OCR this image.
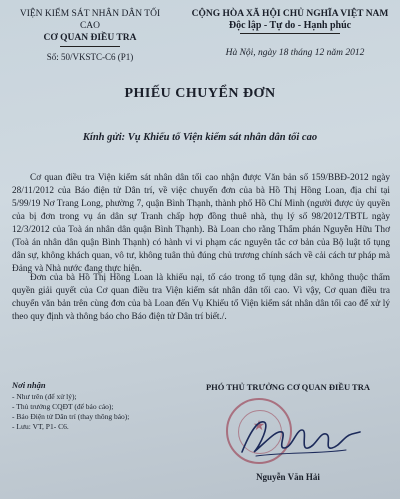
VIỆN KIỂM SÁT NHÂN DÂN TỐI CAO
CƠ QUAN ĐIỀU TRA
Số: 50/VKSTC-C6 (P1)
CỘNG HÒA XÃ HỘI CHỦ NGHĨA VIỆT NAM
Độc lập - Tự do - Hạnh phúc
Hà Nội, ngày 18 tháng 12 năm 2012
PHIẾU CHUYỂN ĐƠN
Kính gửi: Vụ Khiếu tố Viện kiểm sát nhân dân tối cao
Cơ quan điều tra Viện kiểm sát nhân dân tối cao nhận được Văn bản số 159/BBĐ-2012 ngày 28/11/2012 của Báo điện tử Dân trí, về việc chuyển đơn của bà Hồ Thị Hồng Loan, địa chỉ tại 5/99/19 Nơ Trang Long, phường 7, quận Bình Thạnh, thành phố Hồ Chí Minh (người được ủy quyền của bị đơn trong vụ án dân sự Tranh chấp hợp đồng thuê nhà, thụ lý số 98/2012/TBTL ngày 12/3/2012 của Toà án nhân dân quận Bình Thạnh). Bà Loan cho rằng Thẩm phán Nguyễn Hữu Thơ (Toà án nhân dân quận Bình Thạnh) có hành vi vi phạm các nguyên tắc cơ bản của Bộ luật tố tụng dân sự, không khách quan, vô tư, không tuân thủ đúng chủ trương chính sách về cải cách tư pháp mà Đảng và Nhà nước đang thực hiện.
Đơn của bà Hồ Thị Hồng Loan là khiếu nại, tố cáo trong tố tụng dân sự, không thuộc thẩm quyền giải quyết của Cơ quan điều tra Viện kiểm sát nhân dân tối cao. Vì vậy, Cơ quan điều tra chuyển văn bản trên cùng đơn của bà Loan đến Vụ Khiếu tố Viện kiểm sát nhân dân tối cao để xử lý theo quy định và thông báo cho Báo điện tử Dân trí biết./.
Nơi nhận
- Như trên (để xử lý);
- Thủ trưởng CQĐT (để báo cáo);
- Báo Điện tử Dân trí (thay thông báo);
- Lưu: VT, P1- C6.
PHÓ THỦ TRƯỞNG CƠ QUAN ĐIỀU TRA
★
Nguyễn Văn Hải
